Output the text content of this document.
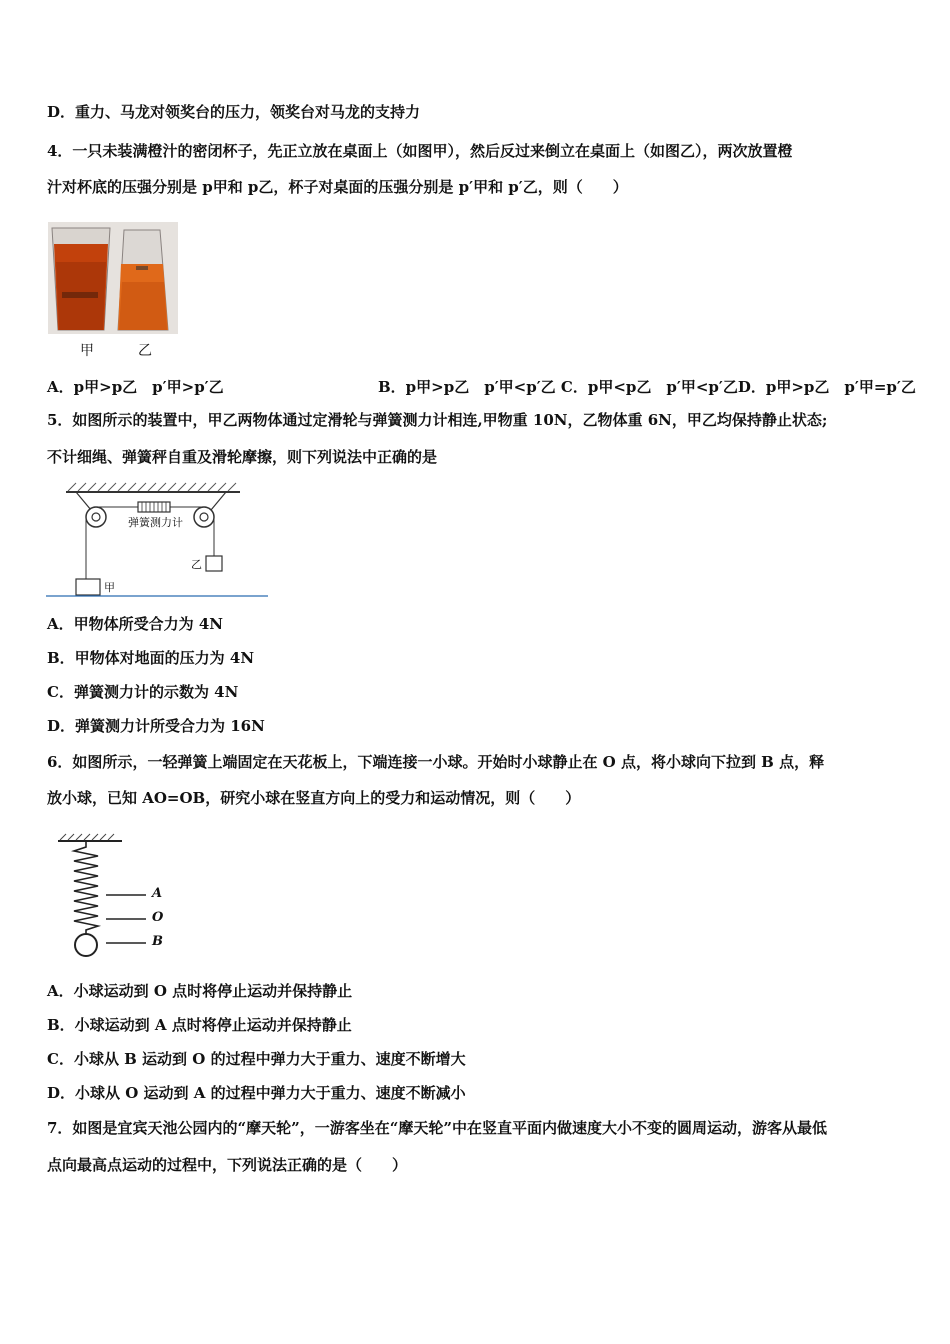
D．重力、马龙对领奖台的压力，领奖台对马龙的支持力
4．一只未装满橙汁的密闭杯子，先正立放在桌面上（如图甲），然后反过来倒立在桌面上（如图乙），两次放置橙
汁对杯底的压强分别是 p甲和 p乙，杯子对桌面的压强分别是 p′甲和 p′乙，则（　　）
甲	乙
A．p甲>p乙　p′甲>p′乙	B．p甲>p乙　p′甲<p′乙 C．p甲<p乙　p′甲<p′乙D．p甲>p乙　p′甲=p′乙
5．如图所示的装置中，甲乙两物体通过定滑轮与弹簧测力计相连,甲物重 10N，乙物体重 6N，甲乙均保持静止状态;
不计细绳、弹簧秤自重及滑轮摩擦，则下列说法中正确的是
弹簧测力计
甲
乙
A．甲物体所受合力为 4N
B．甲物体对地面的压力为 4N
C．弹簧测力计的示数为 4N
D．弹簧测力计所受合力为 16N
6．如图所示，一轻弹簧上端固定在天花板上，下端连接一小球。开始时小球静止在 O 点，将小球向下拉到 B 点，释
放小球，已知 AO=OB，研究小球在竖直方向上的受力和运动情况，则（　　）
A
O
B
A．小球运动到 O 点时将停止运动并保持静止
B．小球运动到 A 点时将停止运动并保持静止
C．小球从 B 运动到 O 的过程中弹力大于重力、速度不断增大
D．小球从 O 运动到 A 的过程中弹力大于重力、速度不断减小
7．如图是宜宾天池公园内的“摩天轮”，一游客坐在“摩天轮”中在竖直平面内做速度大小不变的圆周运动，游客从最低
点向最高点运动的过程中，下列说法正确的是（　　）
